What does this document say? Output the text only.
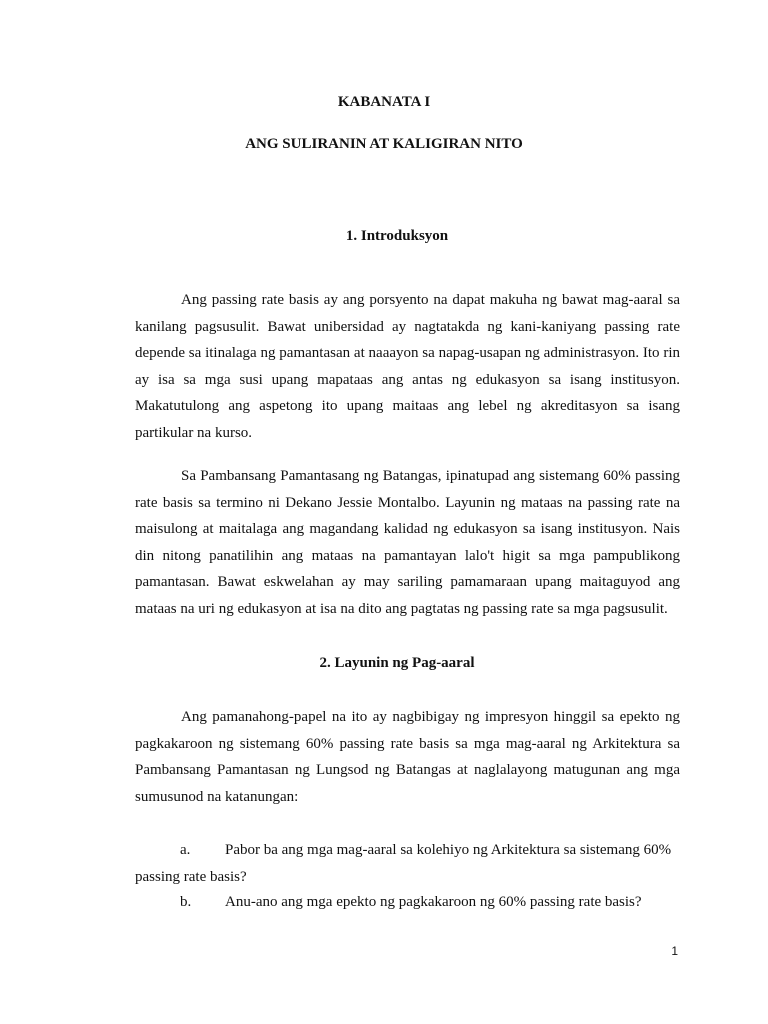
KABANATA I

ANG SULIRANIN AT KALIGIRAN NITO

1. Introduksyon

Ang passing rate basis ay ang porsyento na dapat makuha ng bawat mag-aaral sa kanilang pagsusulit. Bawat unibersidad ay nagtatakda ng kani-kaniyang passing rate depende sa itinalaga ng pamantasan at naaayon sa napag-usapan ng administrasyon. Ito rin ay isa sa mga susi upang mapataas ang antas ng edukasyon sa isang institusyon. Makatutulong ang aspetong ito upang maitaas ang lebel ng akreditasyon sa isang partikular na kurso.

Sa Pambansang Pamantasang ng Batangas, ipinatupad ang sistemang 60% passing rate basis sa termino ni Dekano Jessie Montalbo. Layunin ng mataas na passing rate na maisulong at maitalaga ang magandang kalidad ng edukasyon sa isang institusyon. Nais din nitong panatilihin ang mataas na pamantayan lalo't higit sa mga pampublikong pamantasan. Bawat eskwelahan ay may sariling pamamaraan upang maitaguyod ang mataas na uri ng edukasyon at isa na dito ang pagtatas ng passing rate sa mga pagsusulit.

2. Layunin ng Pag-aaral

Ang pamanahong-papel na ito ay nagbibigay ng impresyon hinggil sa epekto ng pagkakaroon ng sistemang 60% passing rate basis sa mga mag-aaral ng Arkitektura sa Pambansang Pamantasan ng Lungsod ng Batangas at naglalayong matugunan ang mga sumusunod na katanungan:

a. Pabor ba ang mga mag-aaral sa kolehiyo ng Arkitektura sa sistemang 60% passing rate basis?

b. Anu-ano ang mga epekto ng pagkakaroon ng 60% passing rate basis?

1
